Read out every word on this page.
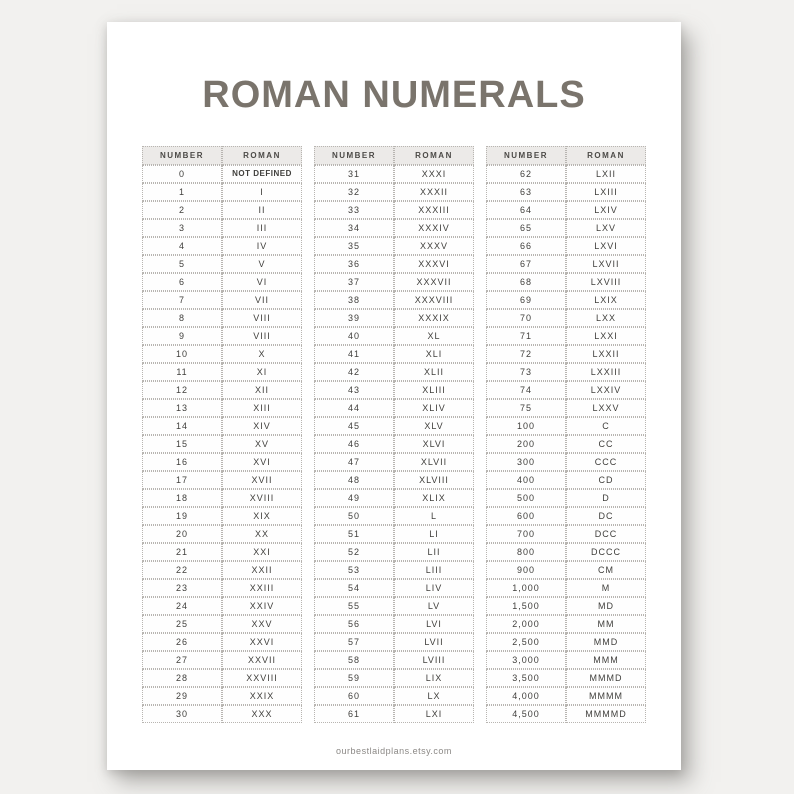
ROMAN NUMERALS
NUMBER	ROMAN
0	NOT DEFINED
1	I
2	II
3	III
4	IV
5	V
6	VI
7	VII
8	VIII
9	VIII
10	X
11	XI
12	XII
13	XIII
14	XIV
15	XV
16	XVI
17	XVII
18	XVIII
19	XIX
20	XX
21	XXI
22	XXII
23	XXIII
24	XXIV
25	XXV
26	XXVI
27	XXVII
28	XXVIII
29	XXIX
30	XXX
NUMBER	ROMAN
31	XXXI
32	XXXII
33	XXXIII
34	XXXIV
35	XXXV
36	XXXVI
37	XXXVII
38	XXXVIII
39	XXXIX
40	XL
41	XLI
42	XLII
43	XLIII
44	XLIV
45	XLV
46	XLVI
47	XLVII
48	XLVIII
49	XLIX
50	L
51	LI
52	LII
53	LIII
54	LIV
55	LV
56	LVI
57	LVII
58	LVIII
59	LIX
60	LX
61	LXI
NUMBER	ROMAN
62	LXII
63	LXIII
64	LXIV
65	LXV
66	LXVI
67	LXVII
68	LXVIII
69	LXIX
70	LXX
71	LXXI
72	LXXII
73	LXXIII
74	LXXIV
75	LXXV
100	C
200	CC
300	CCC
400	CD
500	D
600	DC
700	DCC
800	DCCC
900	CM
1,000	M
1,500	MD
2,000	MM
2,500	MMD
3,000	MMM
3,500	MMMD
4,000	MMMM
4,500	MMMMD
ourbestlaidplans.etsy.com
